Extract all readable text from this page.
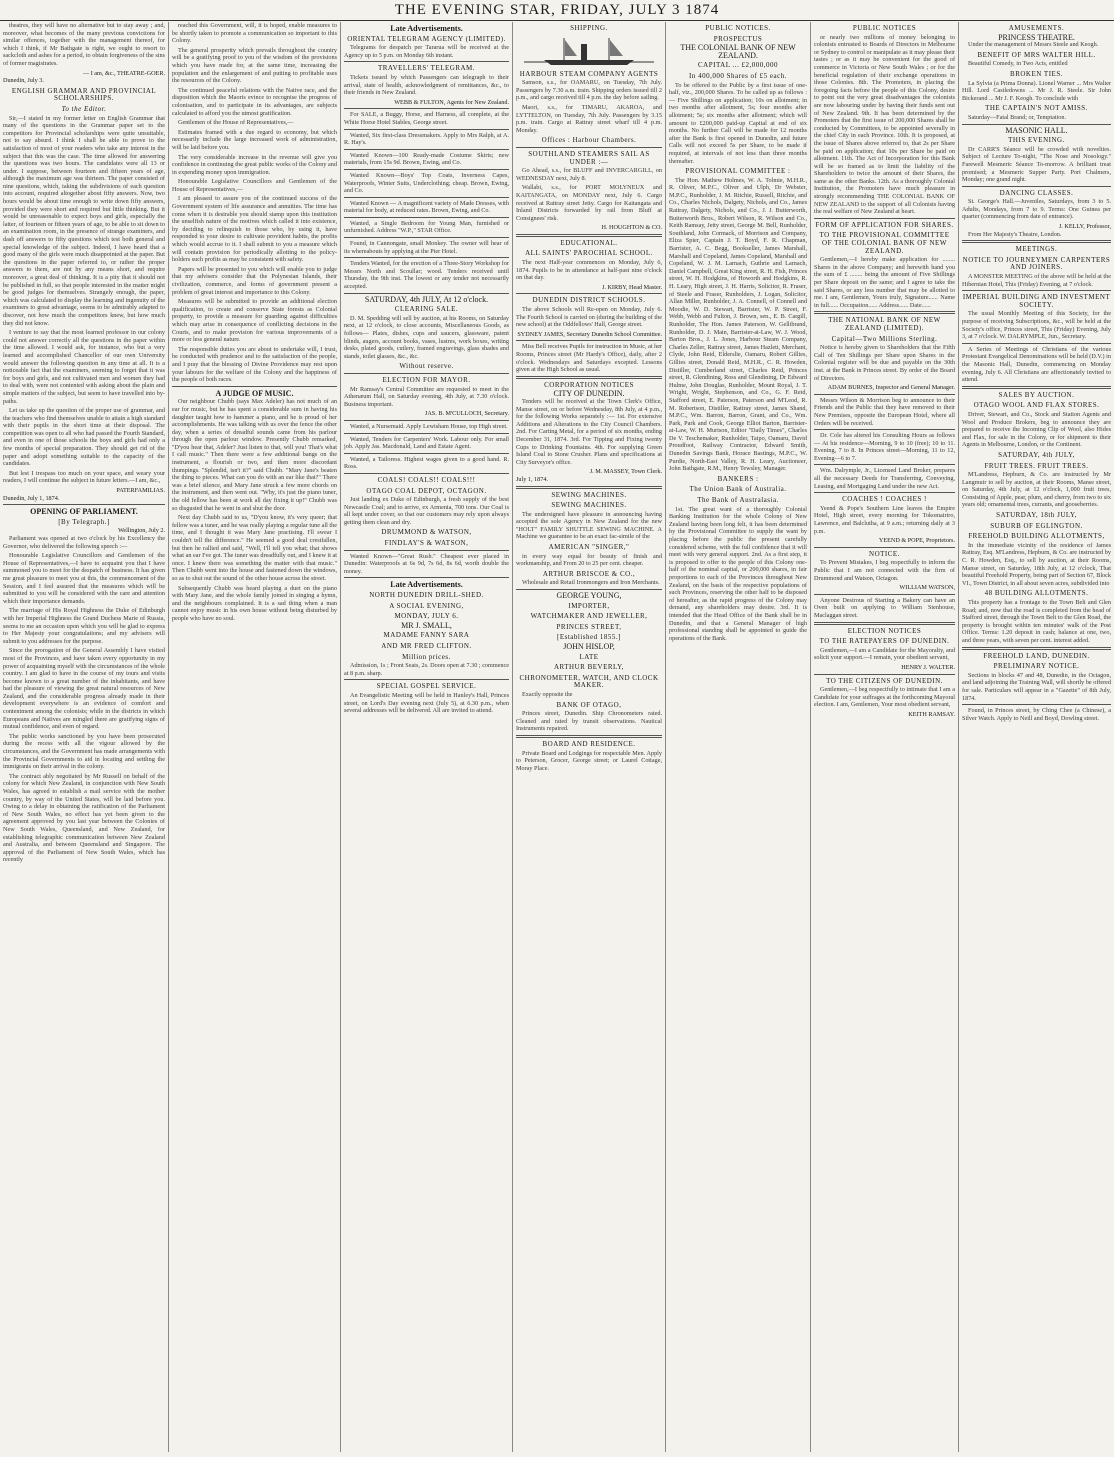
THE EVENING STAR, FRIDAY, JULY 3 1874

theatres, they will have no alternative but to stay away ; and, moreover, what becomes of the many previous convictions for similar offences, together with the management thereof, for which I think, if Mr Bathgate is right, we ought to resort to sackcloth and ashes for a period, to obtain forgiveness of the sins of former magistrates.

— I am, &c., THEATRE-GOER.
Dunedin, July 3.
ENGLISH GRAMMAR AND PROVINCIAL SCHOLARSHIPS.
To the Editor.

Sir,—I stated in my former letter on English Grammar that many of the questions in the Grammar paper set to the competitors for Provincial scholarships were quite unsuitable, not to say absurd. I think I shall be able to prove to the satisfaction of most of your readers who take any interest in the subject that this was the case. The time allowed for answering the questions was two hours. The candidates were all 13 or under. I suppose, between fourteen and fifteen years of age, although the maximum age was thirteen. The paper consisted of nine questions, which, taking the subdivisions of each question into account, required altogether about fifty answers. Now, two hours would be about time enough to write down fifty answers, provided they were short and required but little thinking. But it would be unreasonable to expect boys and girls, especially the latter, of fourteen or fifteen years of age, to be able to sit down to an examination room, in the presence of strange examiners, and dash off answers to fifty questions which test both general and special knowledge of the subject. Indeed, I have heard that a good many of the girls were much disappointed at the paper. But the questions in the paper referred to, or rather the proper answers to them, are not by any means short, and require moreover, a great deal of thinking. It is a pity that it should not be published in full, so that people interested in the matter might be good judges for themselves. Strangely enough, the paper, which was calculated to display the learning and ingenuity of the examiners to great advantage, seems to be admirably adapted to discover, not how much the competitors knew, but how much they did not know.

I venture to say that the most learned professor in our colony could not answer correctly all the questions in the paper within the time allowed. I would ask, for instance, who but a very learned and accomplished Chancellor of our own University would answer the following question in any time at all. It is a noticeable fact that the examiners, seeming to forget that it was for boys and girls, and not cultivated men and women they had to deal with, were not contented with asking about the plain and simple matters of the subject, but seem to have travelled into by-paths.

Let us take up the question of the proper use of grammar, and the teachers who find themselves unable to attain a high standard with their pupils in the short time at their disposal. The competition was open to all who had passed the Fourth Standard, and even in one of those schools the boys and girls had only a few months of special preparation. They should get rid of the paper and adopt something suitable to the capacity of the candidates.

But lest I trespass too much on your space, and weary your readers, I will continue the subject in future letters.—I am, &c.,

PATERFAMILIAS.
Dunedin, July 1, 1874.
OPENING OF PARLIAMENT.
[By Telegraph.]
Wellington, July 2.

Parliament was opened at two o'clock by his Excellency the Governor, who delivered the following speech :—

Honourable Legislative Councillors and Gentlemen of the House of Representatives,—I have to acquaint you that I have summoned you to meet for the despatch of business. It has given me great pleasure to meet you at this, the commencement of the Session, and I feel assured that the measures which will be submitted to you will be considered with the care and attention which their importance demands.

The marriage of His Royal Highness the Duke of Edinburgh with her Imperial Highness the Grand Duchess Marie of Russia, seems to me an occasion upon which you will be glad to express to Her Majesty your congratulations; and my advisers will submit to you addresses for the purpose.

Since the prorogation of the General Assembly I have visited most of the Provinces, and have taken every opportunity in my power of acquainting myself with the circumstances of the whole country. I am glad to have in the course of my tours and visits become known to a great number of the inhabitants, and have had the pleasure of viewing the great natural resources of New Zealand, and the considerable progress already made in their development everywhere is an evidence of comfort and contentment among the colonists; while in the districts in which Europeans and Natives are mingled there are gratifying signs of mutual confidence, and even of regard.

The public works sanctioned by you have been prosecuted during the recess with all the vigour allowed by the circumstances, and the Government has made arrangements with the Provincial Governments to aid in locating and settling the immigrants on their arrival in the colony.

The contract ably negotiated by Mr Russell on behalf of the colony for which New Zealand, in conjunction with New South Wales, has agreed to establish a mail service with the mother country, by way of the United States, will be laid before you. Owing to a delay in obtaining the ratification of the Parliament of New South Wales, no effect has yet been given to the agreement approved by you last year between the Colonies of New South Wales, Queensland, and New Zealand, for establishing telegraphic communication between New Zealand and Australia, and between Queensland and Singapore. The approval of the Parliament of New South Wales, which has recently

reached this Government, will, it is hoped, enable measures to be shortly taken to promote a communication so important to this Colony.

The general prosperity which prevails throughout the country will be a gratifying proof to you of the wisdom of the provisions which you have made for, at the same time, increasing the population and the enlargement of and putting to profitable uses the resources of the Colony.

The continued peaceful relations with the Native race, and the disposition which the Maoris evince to recognise the progress of colonisation, and to participate in its advantages, are subjects calculated to afford you the utmost gratification.

Gentlemen of the House of Representatives,—

Estimates framed with a due regard to economy, but which necessarily include the large increased work of administration, will be laid before you.

The very considerable increase in the revenue will give you confidence in continuing the great public works of the Colony and in expending money upon immigration.

Honourable Legislative Councillors and Gentlemen of the House of Representatives,—

I am pleased to assure you of the continued success of the Government system of life assurance and annuities. The time has come when it is desirable you should stamp upon this institution the unselfish nature of the motives which called it into existence, by deciding to relinquish to those who, by using it, have responded to your desire to cultivate provident habits, the profits which would accrue to it. I shall submit to you a measure which will contain provision for periodically allotting to the policy-holders such profits as may be consistent with safety.

Papers will be presented to you which will enable you to judge that my advisers consider that the Polynesian Islands, their civilization, commerce, and forms of government present a problem of great interest and importance to this Colony.

Measures will be submitted to provide an additional election qualification, to create and conserve State forests as Colonial property, to provide a measure for guarding against difficulties which may arise in consequence of conflicting decisions in the Courts, and to make provision for various improvements of a more or less general nature.

The responsible duties you are about to undertake will, I trust, be conducted with prudence and to the satisfaction of the people, and I pray that the blessing of Divine Providence may rest upon your labours for the welfare of the Colony and the happiness of the people of both races.

A JUDGE OF MUSIC.

Our neighbour Chubb (says Max Adeler) has not much of an ear for music, but he has spent a considerable sum in having his daughter taught how to hammer a piano, and he is proud of her accomplishments. He was talking with us over the fence the other day, when a series of dreadful sounds came from his parlour through the open parlour window. Presently Chubb remarked, "D'you hear that, Adeler? Just listen to that, will you! That's what I call music." Then there were a few additional bangs on the instrument, a flourish or two, and then more discordant thumpings. "Splendid, isn't it?" said Chubb. "Mary Jane's beaten the thing to pieces. What can you do with an ear like that?" There was a brief silence, and Mary Jane struck a few more chords on the instrument, and then went out. "Why, it's just the piano tuner, the old fellow has been at work all day fixing it up!" Chubb was so disgusted that he went in and shut the door.

Next day Chubb said to us, "D'you know, it's very queer; that fellow was a tuner, and he was really playing a regular tune all the time, and I thought it was Mary Jane practising. I'll swear I couldn't tell the difference." He seemed a good deal crestfallen, but then he rallied and said, "Well, I'll tell you what; that shows what an ear I've got. The tuner was dreadfully out, and I knew it at once. I knew there was something the matter with that music." Then Chubb went into the house and fastened down the windows, so as to shut out the sound of the other house across the street.

Subsequently Chubb was heard playing a duet on the piano with Mary Jane, and the whole family joined in singing a hymn, and the neighbours complained. It is a sad thing when a man cannot enjoy music in his own house without being disturbed by people who have no soul.

Late Advertisements.
ORIENTAL TELEGRAM AGENCY (LIMITED).

Telegrams for despatch per Tararua will be received at the Agency up to 5 p.m. on Monday 6th instant.

TRAVELLERS' TELEGRAM.

Tickets issued by which Passengers can telegraph to their arrival, state of health, acknowledgment of remittances, &c., to their friends in New Zealand.

WEBB & FULTON, Agents for New Zealand.

For SALE, a Buggy, Horse, and Harness, all complete, at the White Horse Hotel Stables, George street.

Wanted, Six first-class Dressmakers. Apply to Mrs Ralph, at A. R. Hay's.

Wanted Known—100 Ready-made Costume Skirts; new materials, from 15s 9d. Brown, Ewing, and Co.

Wanted Known—Boys' Top Coats, Inverness Capes, Waterproofs, Winter Suits, Underclothing; cheap. Brown, Ewing, and Co.

Wanted Known — A magnificent variety of Made Dresses, with material for body, at reduced rates. Brown, Ewing, and Co.

Wanted, a Single Bedroom for Young Man, furnished or unfurnished. Address "W.P.," STAR Office.

Found, in Cannongate, small Monkey. The owner will hear of its whereabouts by applying at the Pier Hotel.

Tenders Wanted, for the erection of a Three-Story Workshop for Messrs North and Scoullar; wood. Tenders received until Thursday, the 9th inst. The lowest or any tender not necessarily accepted.

SATURDAY, 4th JULY, At 12 o'clock.
CLEARING SALE.

D. M. Spedding will sell by auction, at his Rooms, on Saturday next, at 12 o'clock, to close accounts, Miscellaneous Goods, as follows— Plates, dishes, cups and saucers, glassware, patent blinds, augers, account books, vases, lustres, work boxes, writing desks, plated goods, cutlery, framed engravings, glass shades and stands, toilet glasses, &c., &c.

Without reserve.
ELECTION FOR MAYOR.

Mr Ramsay's Central Committee are requested to meet in the Athenæum Hall, on Saturday evening, 4th July, at 7.30 o'clock. Business important.

JAS. B. M'CULLOCH, Secretary.

Wanted, a Nursemaid. Apply Lewisham House, top High street.

Wanted, Tenders for Carpenters' Work. Labour only. For small job. Apply Jas. Macdonald, Land and Estate Agent.

Wanted, a Tailoress. Highest wages given to a good hand. R. Ross.

COALS! COALS!! COALS!!!
OTAGO COAL DEPOT, OCTAGON.

Just landing ex Duke of Edinburgh, a fresh supply of the best Newcastle Coal; and to arrive, ex Armenia, 700 tons. Our Coal is all kept under cover, so that our customers may rely upon always getting them clean and dry.

DRUMMOND & WATSON,
FINDLAY'S & WATSON,

Wanted Known—"Great Rush." Cheapest ever placed in Dunedin: Waterproofs at 6s 9d, 7s 6d, 8s 6d, worth double the money.

Late Advertisements.
NORTH DUNEDIN DRILL-SHED.
A SOCIAL EVENING,
MONDAY, JULY 6.
MR J. SMALL,
MADAME FANNY SARA
AND MR FRED CLIFTON.
Million prices.

Admission, 1s ; Front Seats, 2s. Doors open at 7.30 ; commence at 8 p.m. sharp.

SPECIAL GOSPEL SERVICE.

An Evangelistic Meeting will be held in Hanley's Hall, Princes street, on Lord's Day evening next (July 5), at 6.30 p.m., when several addresses will be delivered. All are invited to attend.

SHIPPING.
HARBOUR STEAM COMPANY AGENTS

Samson, s.s., for OAMARU, on Tuesday, 7th July. Passengers by 7.30 a.m. train. Shipping orders issued till 2 p.m., and cargo received till 4 p.m. the day before sailing.

Maori, s.s., for TIMARU, AKAROA, and LYTTELTON, on Tuesday, 7th July. Passengers by 3.15 p.m. train. Cargo at Rattray street wharf till 4 p.m. Monday.

Offices : Harbour Chambers.
SOUTHLAND STEAMERS SAIL AS UNDER :—

Go Ahead, s.s., for BLUFF and INVERCARGILL, on WEDNESDAY next, July 8.

Wallabi, s.s., for PORT MOLYNEUX and KAITANGATA, on MONDAY next, July 6. Cargo received at Rattray street Jetty. Cargo for Kaitangata and Inland Districts forwarded by rail from Bluff at Consignees' risk.

H. HOUGHTON & CO.
EDUCATIONAL.
ALL SAINTS' PAROCHIAL SCHOOL.

The next Half-year commences on Monday, July 6, 1874. Pupils to be in attendance at half-past nine o'clock on that day.

J. KIRBY, Head Master.
DUNEDIN DISTRICT SCHOOLS.

The above Schools will Re-open on Monday, July 6. The Fourth School is carried on (during the building of the new school) at the Oddfellows' Hall, George street.

SYDNEY JAMES, Secretary Dunedin School Committee.

Miss Bell receives Pupils for instruction in Music, at her Rooms, Princes street (Mr Hardy's Office), daily, after 2 o'clock. Wednesdays and Saturdays excepted. Lessons given at the High School as usual.

CORPORATION NOTICES
CITY OF DUNEDIN.

Tenders will be received at the Town Clerk's Office, Manse street, on or before Wednesday, 8th July, at 4 p.m., for the following Works separately :— 1st. For extensive Additions and Alterations to the City Council Chambers. 2nd. For Carting Metal, for a period of six months, ending December 31, 1874. 3rd. For Tipping and Fixing twenty Cups to Drinking Fountains. 4th. For supplying Green Island Coal to Stone Crusher. Plans and specifications at City Surveyor's office.

J. M. MASSEY, Town Clerk.
July 1, 1874.
SEWING MACHINES.
SEWING MACHINES.

The undersigned have pleasure in announcing having accepted the sole Agency in New Zealand for the new "HOLT" FAMILY SHUTTLE SEWING MACHINE. A Machine we guarantee to be an exact fac-simile of the

AMERICAN "SINGER,"

in every way equal for beauty of finish and workmanship, and From 20 to 25 per cent. cheaper.

ARTHUR BRISCOE & CO.,

Wholesale and Retail Ironmongers and Iron Merchants.

GEORGE YOUNG,
IMPORTER,
WATCHMAKER AND JEWELLER,
PRINCES STREET,
[Established 1855.]
JOHN HISLOP,
LATE
ARTHUR BEVERLY,
CHRONOMETER, WATCH, AND CLOCK MAKER.

Exactly opposite the

BANK OF OTAGO,

Princes street, Dunedin. Ship Chronometers rated. Cleaned and rated by transit observations. Nautical Instruments repaired.

BOARD AND RESIDENCE.

Private Board and Lodgings for respectable Men. Apply to Peterson, Grocer, George street; or Laurel Cottage, Moray Place.

PUBLIC NOTICES.
PROSPECTUS
THE COLONIAL BANK OF NEW ZEALAND.
CAPITAL ... £2,000,000
In 400,000 Shares of £5 each.

To be offered to the Public by a first issue of one-half, viz., 200,000 Shares. To be called up as follows :— Five Shillings on application; 10s on allotment; in two months after allotment, 5s; four months after allotment; 5s; six months after allotment; which will amount to £200,000 paid-up Capital at end of six months. No further Call will be made for 12 months after the Bank is first opened in Dunedin, and future Calls will not exceed 5s per Share, to be made if required, at intervals of not less than three months thereafter.

PROVISIONAL COMMITTEE :

The Hon. Mathew Holmes, W. A. Tolmie, M.H.R., R. Oliver, M.P.C., Oliver and Ulph, Dr Webster, M.P.C., Runholder, J. M. Ritchie, Russell, Ritchie, and Co., Charles Nichols, Dalgety, Nichols, and Co., James Rattray, Dalgety, Nichols, and Co., J. J. Butterworth, Butterworth Bros., Robert Wilson, R. Wilson and Co., Keith Ramsay, Jetty street, George M. Bell, Runholder, Southland, John Cormack, of Morrison and Company, Eliza Spier, Captain J. T. Boyd, F. R. Chapman, Barrister, A. C. Begg, Bookseller, James Marshall, Marshall and Copeland, James Copeland, Marshall and Copeland, W. J. M. Larnach, Guthrie and Larnach, Daniel Campbell, Great King street, R. H. Fish, Princes street, W. H. Hodgkins, of Howorth and Hodgkins, R. H. Leary, High street, J. H. Harris, Solicitor, R. Fraser, of Steele and Fraser, Runholders, J. Logan, Solicitor, Allan Miller, Runholder, J. A. Connell, of Connell and Moodie, W. D. Stewart, Barrister, W. P. Street, F. Webb, Webb and Fulton, J. Brown, sen., E. B. Cargill, Runholder, The Hon. James Paterson, W. Gellibrand, Runholder, D. J. Main, Barrister-at-Law, W. J. Wood, Barton Bros., J. L. Jones, Harbour Steam Company, Charles Zeller, Rattray street, James Hazlett, Merchant, Clyde, John Reid, Elderslie, Oamaru, Robert Gillies, Gillies street, Donald Reid, M.H.R., C. R. Howden, Distiller, Cumberland street, Charles Reid, Princes street, R. Glendining, Ross and Glendining, Dr Edward Hulme, John Douglas, Runholder, Mount Royal, J. T. Wright, Wright, Stephenson, and Co., G. F. Reid, Stafford street, E. Paterson, Paterson and M'Leod, R. M. Robertson, Distiller, Rattray street, James Shand, M.P.C., Wm. Barron, Barron, Grant, and Co., Wm. Park, Park and Cook, George Elliot Barton, Barrister-at-Law, W. H. Murison, Editor "Daily Times", Charles De V. Teschemaker, Runholder, Taipo, Oamaru, David Proudfoot, Railway Contractor, Edward Smith, Dunedin Savings Bank, Horace Bastings, M.P.C., W. Purdie, North-East Valley, R. H. Leary, Auctioneer, John Bathgate, R.M., Henry Tewsley, Manager.

BANKERS :
The Union Bank of Australia.
The Bank of Australasia.

1st. The great want of a thoroughly Colonial Banking Institution for the whole Colony of New Zealand having been long felt, it has been determined by the Provisional Committee to supply the want by placing before the public the present carefully considered scheme, with the full confidence that it will meet with very general support. 2nd. As a first step, it is proposed to offer to the people of this Colony one-half of the nominal capital, or 200,000 shares, in fair proportions to each of the Provinces throughout New Zealand, on the basis of the respective populations of such Provinces, reserving the other half to be disposed of hereafter, as the rapid progress of the Colony may demand, any shareholders may desire. 3rd. It is intended that the Head Office of the Bank shall be in Dunedin, and that a General Manager of high professional standing shall be appointed to guide the operations of the Bank.

PUBLIC NOTICES

or nearly two millions of money belonging to colonists entrusted to Boards of Directors in Melbourne or Sydney to control or manipulate as it may please their tastes ; or as it may be convenient for the good of commerce in Victoria or New South Wales ; or for the beneficial regulation of their exchange operations in those Colonies. 8th. The Promoters, in placing the foregoing facts before the people of this Colony, desire to point out the very great disadvantages the colonists are now labouring under by having their funds sent out of New Zealand. 9th. It has been determined by the Promoters that the first issue of 200,000 Shares shall be conducted by Committees, to be appointed severally in the chief City in each Province. 10th. It is proposed, at the issue of Shares above referred to, that 2s per Share be paid on application; that 10s per Share be paid on allotment. 11th. The Act of Incorporation for this Bank will be so framed as to limit the liability of the Shareholders to twice the amount of their Shares, the same as the other Banks. 12th. As a thoroughly Colonial Institution, the Promoters have much pleasure in strongly recommending THE COLONIAL BANK OF NEW ZEALAND to the support of all Colonists having the real welfare of New Zealand at heart.

FORM OF APPLICATION FOR SHARES.
TO THE PROVISIONAL COMMITTEE OF THE COLONIAL BANK OF NEW ZEALAND.

Gentlemen,—I hereby make application for ........ Shares in the above Company; and herewith hand you the sum of £ ........ being the amount of Five Shillings per Share deposit on the same; and I agree to take the said Shares, or any less number that may be allotted to me. I am, Gentlemen, Yours truly, Signature...... Name in full...... Occupation...... Address...... Date......

THE NATIONAL BANK OF NEW ZEALAND (LIMITED).
Capital—Two Millions Sterling.

Notice is hereby given to Shareholders that the Fifth Call of Ten Shillings per Share upon Shares in the Colonial register will be due and payable on the 30th inst. at the Bank in Princes street. By order of the Board of Directors.

ADAM BURNES, Inspector and General Manager.

Messrs Wilson & Morrison beg to announce to their Friends and the Public that they have removed to their New Premises, opposite the European Hotel, where all Orders will be received.

Dr. Cole has altered his Consulting Hours as follows— At his residence—Morning, 9 to 10 (free); 10 to 11. Evening, 7 to 8. In Princes street—Morning, 11 to 12, Evening—6 to 7.

Wm. Dalrymple, Jr., Licensed Land Broker, prepares all the necessary Deeds for Transferring, Conveying, Leasing, and Mortgaging Land under the new Act.

COACHES ! COACHES !

Yeend & Pope's Southern Line leaves the Empire Hotel, High street, every morning for Tokomairiro, Lawrence, and Balclutha, at 9 a.m.; returning daily at 3 p.m.

YEEND & POPE, Proprietors.
NOTICE.

To Prevent Mistakes, I beg respectfully to inform the Public that I am not connected with the firm of Drummond and Watson, Octagon.

WILLIAM WATSON,

Anyone Desirous of Starting a Bakery can have an Oven built on applying to William Stenhouse, Maclaggan street.

ELECTION NOTICES
TO THE RATEPAYERS OF DUNEDIN.

Gentlemen,—I am a Candidate for the Mayoralty, and solicit your support.—I remain, your obedient servant,

HENRY J. WALTER.
TO THE CITIZENS OF DUNEDIN.

Gentlemen,—I beg respectfully to intimate that I am a Candidate for your suffrages at the forthcoming Mayoral election. I am, Gentlemen, Your most obedient servant,

KEITH RAMSAY.
AMUSEMENTS.
PRINCESS THEATRE.

Under the management of Messrs Steele and Keogh.

BENEFIT OF MRS WALTER HILL.

Beautiful Comedy, in Two Acts, entitled

BROKEN TIES.

La Sylvia (a Prima Donna). Lionel Warner ... Mrs Walter Hill. Lord Castledowns ... Mr J. R. Steele. Sir John Bickerand ... Mr J. F. Keogh. To conclude with

THE CAPTAIN'S NOT AMISS.

Saturday—Fatal Brand; or, Temptation.

MASONIC HALL.
THIS EVENING.

Dr CARR'S Séance will be crowded with novelties. Subject of Lecture To-night, "The Nose and Nosology." Farewell Mesmeric Séance To-morrow. A brilliant treat promised; a Mesmeric Supper Party. Port Chalmers, Monday; one grand night.

DANCING CLASSES.

St. George's Hall.—Juveniles, Saturdays, from 3 to 5. Adults, Mondays, from 7 to 9. Terms: One Guinea per quarter (commencing from date of entrance).

J. KELLY, Professor,

From Her Majesty's Theatre, London.

MEETINGS.
NOTICE TO JOURNEYMEN CARPENTERS AND JOINERS.

A MONSTER MEETING of the above will be held at the Hibernian Hotel, This (Friday) Evening, at 7 o'clock.

IMPERIAL BUILDING AND INVESTMENT SOCIETY.

The usual Monthly Meeting of this Society, for the purpose of receiving Subscriptions, &c., will be held at the Society's office, Princes street, This (Friday) Evening, July 3, at 7 o'clock. W. DALRYMPLE, Jun., Secretary.

A Series of Meetings of Christians of the various Protestant Evangelical Denominations will be held (D.V.) in the Masonic Hall, Dunedin, commencing on Monday evening, July 6. All Christians are affectionately invited to attend.

SALES BY AUCTION.
OTAGO WOOL AND FLAX STORES.

Driver, Stewart, and Co., Stock and Station Agents and Wool and Produce Brokers, beg to announce they are prepared to receive the Incoming Clip of Wool, also Hides and Flax, for sale in the Colony, or for shipment to their Agents in Melbourne, London, or the Continent.

SATURDAY, 4th JULY,
FRUIT TREES. FRUIT TREES.

M'Landress, Hepburn, & Co. are instructed by Mr Langmuir to sell by auction, at their Rooms, Manse street, on Saturday, 4th July, at 12 o'clock, 1,000 fruit trees, Consisting of Apple, pear, plum, and cherry, from two to six years old; ornamental trees, currants, and gooseberries.

SATURDAY, 18th JULY,
SUBURB OF EGLINGTON.
FREEHOLD BUILDING ALLOTMENTS,

In the immediate vicinity of the residence of James Rattray, Esq. M'Landress, Hepburn, & Co. are instructed by C. R. Howden, Esq., to sell by auction, at their Rooms, Manse street, on Saturday, 18th July, at 12 o'clock, That beautiful Freehold Property, being part of Section 67, Block VI., Town District, in all about seven acres, subdivided into

48 BUILDING ALLOTMENTS.

This property has a frontage to the Town Belt and Glen Road; and, now that the road is completed from the head of Stafford street, through the Town Belt to the Glen Road, the property is brought within ten minutes' walk of the Post Office. Terms: 1.20 deposit in cash; balance at one, two, and three years, with seven per cent. interest added.

FREEHOLD LAND, DUNEDIN.
PRELIMINARY NOTICE.

Sections in blocks 47 and 48, Dunedin, in the Octagon, and land adjoining the Training Wall, will shortly be offered for sale. Particulars will appear in a "Gazette" of 8th July, 1874.

Found, in Princes street, by Ching Chee (a Chinese), a Silver Watch. Apply to Neill and Boyd, Dowling street.
